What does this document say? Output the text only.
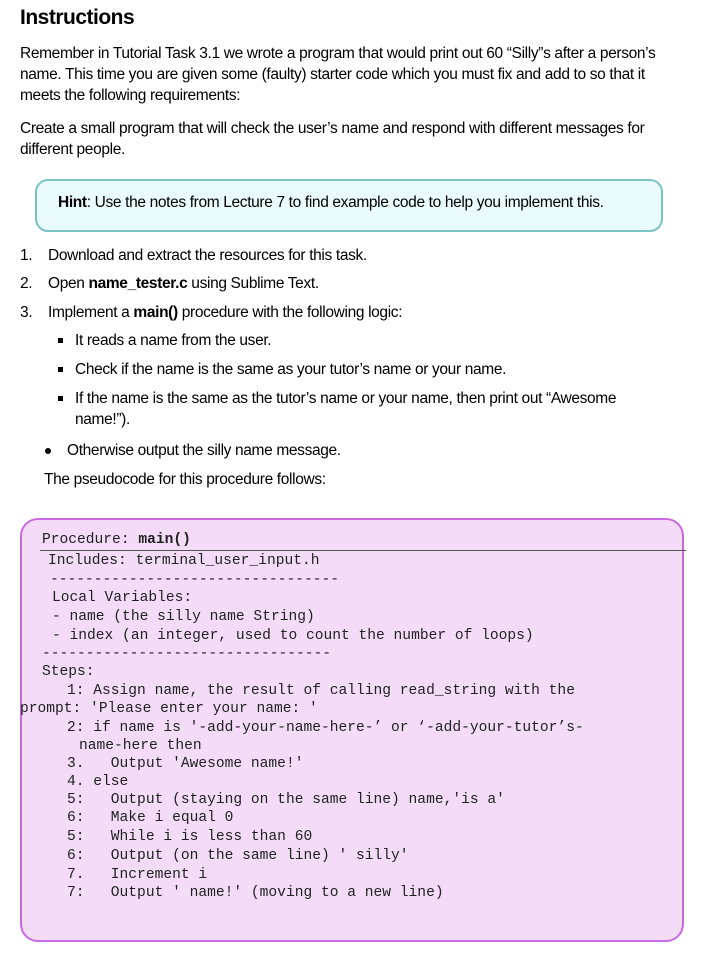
Instructions

Remember in Tutorial Task 3.1 we wrote a program that would print out 60 “Silly”s after a person’s name. This time you are given some (faulty) starter code which you must fix and add to so that it meets the following requirements:

Create a small program that will check the user’s name and respond with different messages for different people.

Hint: Use the notes from Lecture 7 to find example code to help you implement this.
1. Download and extract the resources for this task.
2. Open name_tester.c using Sublime Text.
3. Implement a main() procedure with the following logic:
It reads a name from the user.
Check if the name is the same as your tutor’s name or your name.
If the name is the same as the tutor’s name or your name, then print out “Awesome name!”).
Otherwise output the silly name message.
The pseudocode for this procedure follows:
Procedure: main()
Includes: terminal_user_input.h
---------------------------------
Local Variables:
- name (the silly name String)
- index (an integer, used to count the number of loops)
---------------------------------
Steps:
1: Assign name, the result of calling read_string with the
prompt: 'Please enter your name: '
2: if name is '-add-your-name-here-’ or ‘-add-your-tutor’s-
name-here then
3.   Output 'Awesome name!'
4. else
5:   Output (staying on the same line) name,'is a'
6:   Make i equal 0
5:   While i is less than 60
6:   Output (on the same line) ' silly'
7.   Increment i
7:   Output ' name!' (moving to a new line)
